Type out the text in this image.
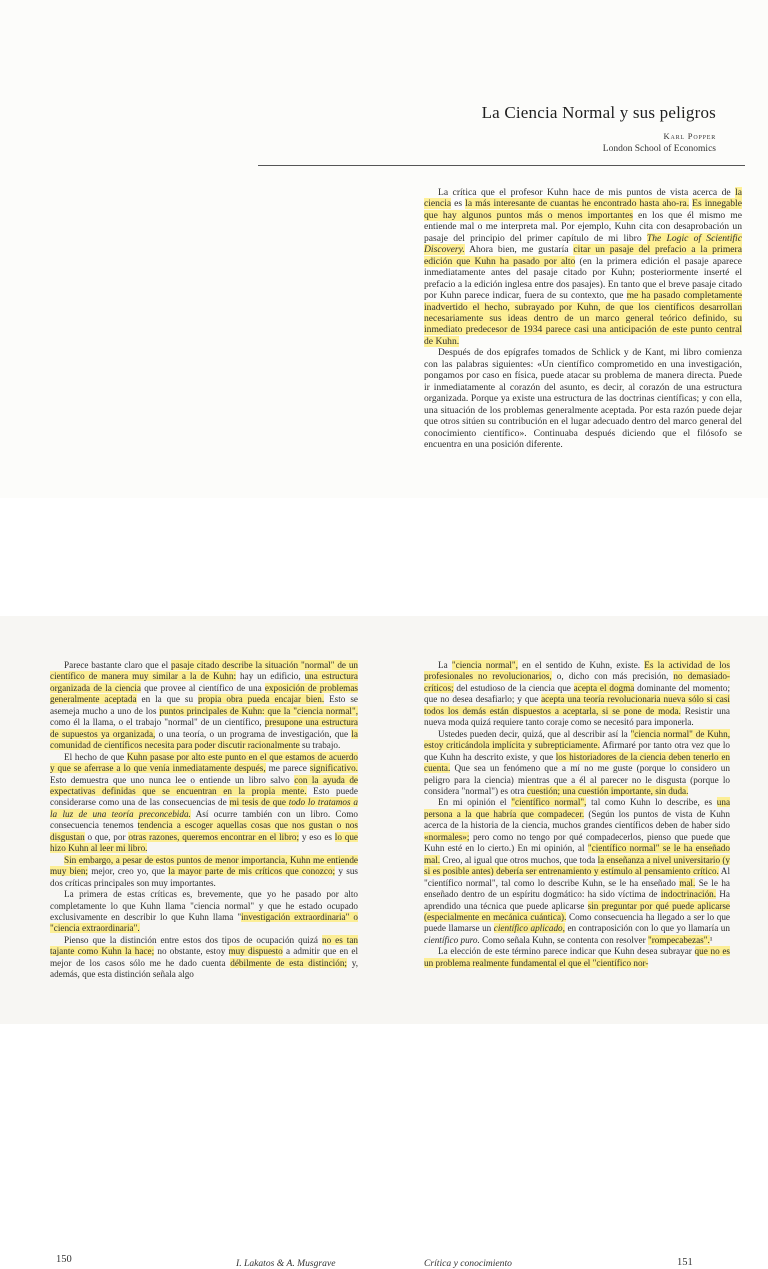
La Ciencia Normal y sus peligros
Karl Popper
London School of Economics

La crítica que el profesor Kuhn hace de mis puntos de vista acerca de la ciencia es la más interesante de cuantas he encontrado hasta aho-ra. Es innegable que hay algunos puntos más o menos importantes en los que él mismo me entiende mal o me interpreta mal. Por ejemplo, Kuhn cita con desaprobación un pasaje del principio del primer capítulo de mi libro The Logic of Scientific Discovery. Ahora bien, me gustaría citar un pasaje del prefacio a la primera edición que Kuhn ha pasado por alto (en la primera edición el pasaje aparece inmediatamente antes del pasaje citado por Kuhn; posteriormente inserté el prefacio a la edición inglesa entre dos pasajes). En tanto que el breve pasaje citado por Kuhn parece indicar, fuera de su contexto, que me ha pasado completamente inadvertido el hecho, subrayado por Kuhn, de que los científicos desarrollan necesariamente sus ideas dentro de un marco general teórico definido, su inmediato predecesor de 1934 parece casi una anticipación de este punto central de Kuhn.

Después de dos epígrafes tomados de Schlick y de Kant, mi libro comienza con las palabras siguientes: «Un científico comprometido en una investigación, pongamos por caso en física, puede atacar su problema de manera directa. Puede ir inmediatamente al corazón del asunto, es decir, al corazón de una estructura organizada. Porque ya existe una estructura de las doctrinas científicas; y con ella, una situación de los problemas generalmente aceptada. Por esta razón puede dejar que otros sitúen su contribución en el lugar adecuado dentro del marco general del conocimiento científico». Continuaba después diciendo que el filósofo se encuentra en una posición diferente.

150	I. Lakatos & A. Musgrave	Crítica y conocimiento	151

Parece bastante claro que el pasaje citado describe la situación "normal" de un científico de manera muy similar a la de Kuhn: hay un edificio, una estructura organizada de la ciencia que provee al científico de una exposición de problemas generalmente aceptada en la que su propia obra pueda encajar bien. Esto se asemeja mucho a uno de los puntos principales de Kuhn: que la "ciencia normal", como él la llama, o el trabajo "normal" de un científico, presupone una estructura de supuestos ya organizada, o una teoría, o un programa de investigación, que la comunidad de científicos necesita para poder discutir racionalmente su trabajo.

El hecho de que Kuhn pasase por alto este punto en el que estamos de acuerdo y que se aferrase a lo que venía inmediatamente después, me parece significativo. Esto demuestra que uno nunca lee o entiende un libro salvo con la ayuda de expectativas definidas que se encuentran en la propia mente. Esto puede considerarse como una de las consecuencias de mi tesis de que todo lo tratamos a la luz de una teoría preconcebida. Así ocurre también con un libro. Como consecuencia tenemos tendencia a escoger aquellas cosas que nos gustan o nos disgustan o que, por otras razones, queremos encontrar en el libro; y eso es lo que hizo Kuhn al leer mi libro.

Sin embargo, a pesar de estos puntos de menor importancia, Kuhn me entiende muy bien; mejor, creo yo, que la mayor parte de mis críticos que conozco; y sus dos críticas principales son muy importantes.

La primera de estas críticas es, brevemente, que yo he pasado por alto completamente lo que Kuhn llama "ciencia normal" y que he estado ocupado exclusivamente en describir lo que Kuhn llama "investigación extraordinaria" o "ciencia extraordinaria".

Pienso que la distinción entre estos dos tipos de ocupación quizá no es tan tajante como Kuhn la hace; no obstante, estoy muy dispuesto a admitir que en el mejor de los casos sólo me he dado cuenta débilmente de esta distinción; y, además, que esta distinción señala algo

La "ciencia normal", en el sentido de Kuhn, existe. Es la actividad de los profesionales no revolucionarios, o, dicho con más precisión, no demasiado-críticos; del estudioso de la ciencia que acepta el dogma dominante del momento; que no desea desafiarlo; y que acepta una teoría revolucionaria nueva sólo si casi todos los demás están dispuestos a aceptarla, si se pone de moda. Resistir una nueva moda quizá requiere tanto coraje como se necesitó para imponerla.

Ustedes pueden decir, quizá, que al describir así la "ciencia normal" de Kuhn, estoy criticándola implícita y subrepticiamente. Afirmaré por tanto otra vez que lo que Kuhn ha descrito existe, y que los historiadores de la ciencia deben tenerlo en cuenta. Que sea un fenómeno que a mí no me guste (porque lo considero un peligro para la ciencia) mientras que a él al parecer no le disgusta (porque lo considera "normal") es otra cuestión; una cuestión importante, sin duda.

En mi opinión el "científico normal", tal como Kuhn lo describe, es una persona a la que habría que compadecer. (Según los puntos de vista de Kuhn acerca de la historia de la ciencia, muchos grandes científicos deben de haber sido «normales»; pero como no tengo por qué compadecerlos, pienso que puede que Kuhn esté en lo cierto.) En mi opinión, al "científico normal" se le ha enseñado mal. Creo, al igual que otros muchos, que toda la enseñanza a nivel universitario (y si es posible antes) debería ser entrenamiento y estímulo al pensamiento crítico. Al "científico normal", tal como lo describe Kuhn, se le ha enseñado mal. Se le ha enseñado dentro de un espíritu dogmático: ha sido víctima de indoctrinación. Ha aprendido una técnica que puede aplicarse sin preguntar por qué puede aplicarse (especialmente en mecánica cuántica). Como consecuencia ha llegado a ser lo que puede llamarse un científico aplicado, en contraposición con lo que yo llamaría un científico puro. Como señala Kuhn, se contenta con resolver "rompecabezas".¹

La elección de este término parece indicar que Kuhn desea subrayar que no es un problema realmente fundamental el que el "científico nor-
